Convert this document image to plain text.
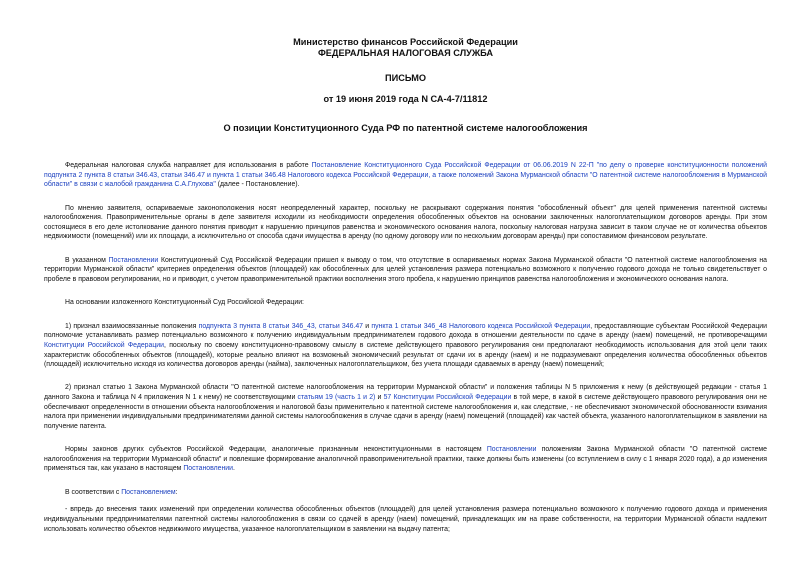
Министерство финансов Российской Федерации
ФЕДЕРАЛЬНАЯ НАЛОГОВАЯ СЛУЖБА
ПИСЬМО
от 19 июня 2019 года N СА-4-7/11812
О позиции Конституционного Суда РФ по патентной системе налогообложения

Федеральная налоговая служба направляет для использования в работе Постановление Конституционного Суда Российской Федерации от 06.06.2019 N 22-П "по делу о проверке конституционности положений подпункта 2 пункта 8 статьи 346.43, статьи 346.47 и пункта 1 статьи 346.48 Налогового кодекса Российской Федерации, а также положений Закона Мурманской области "О патентной системе налогообложения в Мурманской области" в связи с жалобой гражданина С.А.Глухова" (далее - Постановление).

По мнению заявителя, оспариваемые законоположения носят неопределенный характер, поскольку не раскрывают содержания понятия "обособленный объект" для целей применения патентной системы налогообложения. Правоприменительные органы в деле заявителя исходили из необходимости определения обособленных объектов на основании заключенных налогоплательщиком договоров аренды. При этом состоящиеся в его деле истолкование данного понятия приводит к нарушению принципов равенства и экономического основания налога, поскольку налоговая нагрузка зависит в таком случае не от количества объектов недвижимости (помещений) или их площади, а исключительно от способа сдачи имущества в аренду (по одному договору или по нескольким договорам аренды) при сопоставимом финансовом результате.

В указанном Постановлении Конституционный Суд Российской Федерации пришел к выводу о том, что отсутствие в оспариваемых нормах Закона Мурманской области "О патентной системе налогообложения на территории Мурманской области" критериев определения объектов (площадей) как обособленных для целей установления размера потенциально возможного к получению годового дохода не только свидетельствует о пробеле в правовом регулировании, но и приводит, с учетом правоприменительной практики восполнения этого пробела, к нарушению принципов равенства налогообложения и экономического основания налога.

На основании изложенного Конституционный Суд Российской Федерации:

1) признал взаимосвязанные положения подпункта 3 пункта 8 статьи 346_43, статьи 346.47 и пункта 1 статьи 346_48 Налогового кодекса Российской Федерации, предоставляющие субъектам Российской Федерации полномочие устанавливать размер потенциально возможного к получению индивидуальным предпринимателем годового дохода в отношении деятельности по сдаче в аренду (наем) помещений, не противоречащими Конституции Российской Федерации, поскольку по своему конституционно-правовому смыслу в системе действующего правового регулирования они предполагают необходимость использования для этой цели таких характеристик обособленных объектов (площадей), которые реально влияют на возможный экономический результат от сдачи их в аренду (наем) и не подразумевают определения количества обособленных объектов (площадей) исключительно исходя из количества договоров аренды (найма), заключенных налогоплательщиком, без учета площади сдаваемых в аренду (наем) помещений;

2) признал статью 1 Закона Мурманской области "О патентной системе налогообложения на территории Мурманской области" и положения таблицы N 5 приложения к нему (в действующей редакции - статья 1 данного Закона и таблица N 4 приложения N 1 к нему) не соответствующими статьям 19 (часть 1 и 2) и 57 Конституции Российской Федерации в той мере, в какой в системе действующего правового регулирования они не обеспечивают определенности в отношении объекта налогообложения и налоговой базы применительно к патентной системе налогообложения и, как следствие, - не обеспечивают экономической обоснованности взимания налога при применении индивидуальными предпринимателями данной системы налогообложения в случае сдачи в аренду (наем) помещений (площадей) как частей объекта, указанного налогоплательщиком в заявлении на получение патента.

Нормы законов других субъектов Российской Федерации, аналогичные признанным неконституционными в настоящем Постановлении положениям Закона Мурманской области "О патентной системе налогообложения на территории Мурманской области" и повлекшие формирование аналогичной правоприменительной практики, также должны быть изменены (со вступлением в силу с 1 января 2020 года), а до изменения применяться так, как указано в настоящем Постановлении.

В соответствии с Постановлением:

- впредь до внесения таких изменений при определении количества обособленных объектов (площадей) для целей установления размера потенциально возможного к получению годового дохода и применения индивидуальными предпринимателями патентной системы налогообложения в связи со сдачей в аренду (наем) помещений, принадлежащих им на праве собственности, на территории Мурманской области надлежит использовать количество объектов недвижимого имущества, указанное налогоплательщиком в заявлении на выдачу патента;
